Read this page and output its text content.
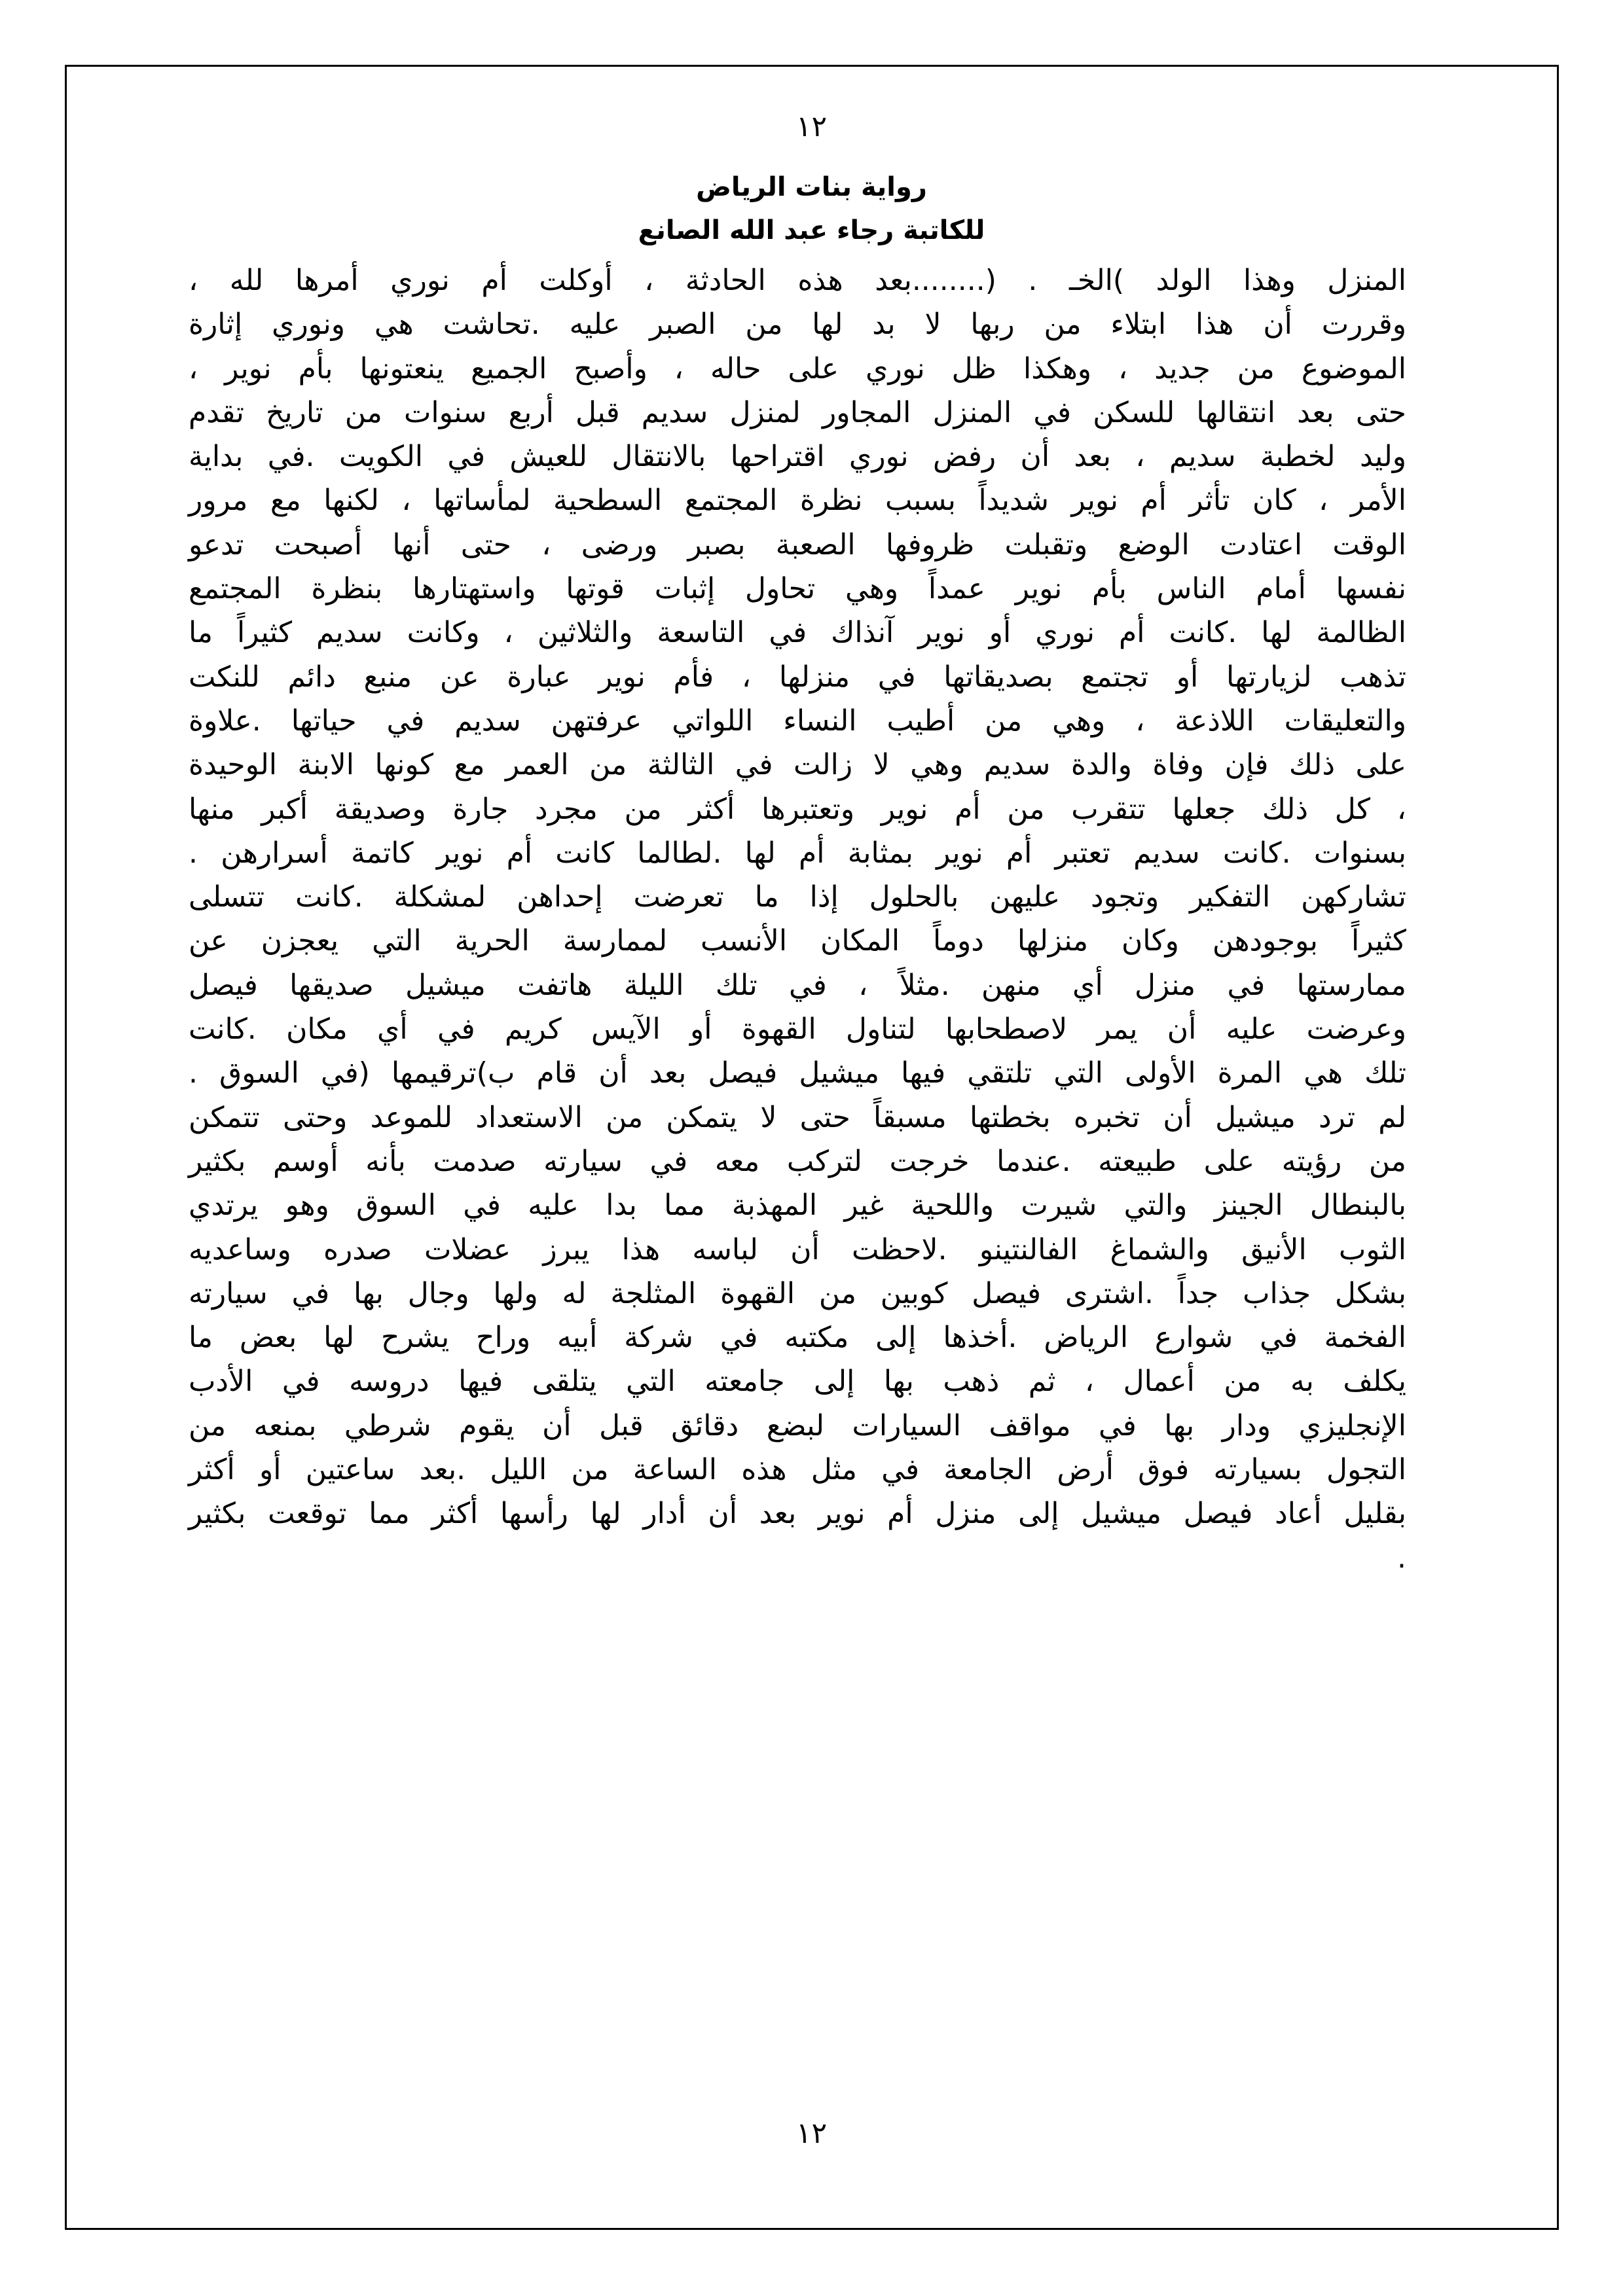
١٢
رواية بنات الرياض
للكاتبة رجاء عبد الله الصانع
المنزل وهذا الولد )الخـ . (........بعد هذه الحادثة ، أوكلت أم نوري أمرها لله ،
وقررت أن هذا ابتلاء من ربها لا بد لها من الصبر عليه .تحاشت هي ونوري إثارة
الموضوع من جديد ، وهكذا ظل نوري على حاله ، وأصبح الجميع ينعتونها بأم نوير ،
حتى بعد انتقالها للسكن في المنزل المجاور لمنزل سديم قبل أربع سنوات من تاريخ تقدم
وليد لخطبة سديم ، بعد أن رفض نوري اقتراحها بالانتقال للعيش في الكويت .في بداية
الأمر ، كان تأثر أم نوير شديداً بسبب نظرة المجتمع السطحية لمأساتها ، لكنها مع مرور
الوقت اعتادت الوضع وتقبلت ظروفها الصعبة بصبر ورضى ، حتى أنها أصبحت تدعو
نفسها أمام الناس بأم نوير عمداً وهي تحاول إثبات قوتها واستهتارها بنظرة المجتمع
الظالمة لها .كانت أم نوري أو نوير آنذاك في التاسعة والثلاثين ، وكانت سديم كثيراً ما
تذهب لزيارتها أو تجتمع بصديقاتها في منزلها ، فأم نوير عبارة عن منبع دائم للنكت
والتعليقات اللاذعة ، وهي من أطيب النساء اللواتي عرفتهن سديم في حياتها .علاوة
على ذلك فإن وفاة والدة سديم وهي لا زالت في الثالثة من العمر مع كونها الابنة الوحيدة
، كل ذلك جعلها تتقرب من أم نوير وتعتبرها أكثر من مجرد جارة وصديقة أكبر منها
بسنوات .كانت سديم تعتبر أم نوير بمثابة أم لها .لطالما كانت أم نوير كاتمة أسرارهن .
تشاركهن التفكير وتجود عليهن بالحلول إذا ما تعرضت إحداهن لمشكلة .كانت تتسلى
كثيراً بوجودهن وكان منزلها دوماً المكان الأنسب لممارسة الحرية التي يعجزن عن
ممارستها في منزل أي منهن .مثلاً ، في تلك الليلة هاتفت ميشيل صديقها فيصل
وعرضت عليه أن يمر لاصطحابها لتناول القهوة أو الآيس كريم في أي مكان .كانت
تلك هي المرة الأولى التي تلتقي فيها ميشيل فيصل بعد أن قام ب)ترقيمها (في السوق .
لم ترد ميشيل أن تخبره بخطتها مسبقاً حتى لا يتمكن من الاستعداد للموعد وحتى تتمكن
من رؤيته على طبيعته .عندما خرجت لتركب معه في سيارته صدمت بأنه أوسم بكثير
بالبنطال الجينز والتي شيرت واللحية غير المهذبة مما بدا عليه في السوق وهو يرتدي
الثوب الأنيق والشماغ الفالنتينو .لاحظت أن لباسه هذا يبرز عضلات صدره وساعديه
بشكل جذاب جداً .اشترى فيصل كوبين من القهوة المثلجة له ولها وجال بها في سيارته
الفخمة في شوارع الرياض .أخذها إلى مكتبه في شركة أبيه وراح يشرح لها بعض ما
يكلف به من أعمال ، ثم ذهب بها إلى جامعته التي يتلقى فيها دروسه في الأدب
الإنجليزي ودار بها في مواقف السيارات لبضع دقائق قبل أن يقوم شرطي بمنعه من
التجول بسيارته فوق أرض الجامعة في مثل هذه الساعة من الليل .بعد ساعتين أو أكثر
بقليل أعاد فيصل ميشيل إلى منزل أم نوير بعد أن أدار لها رأسها أكثر مما توقعت بكثير
.
١٢
